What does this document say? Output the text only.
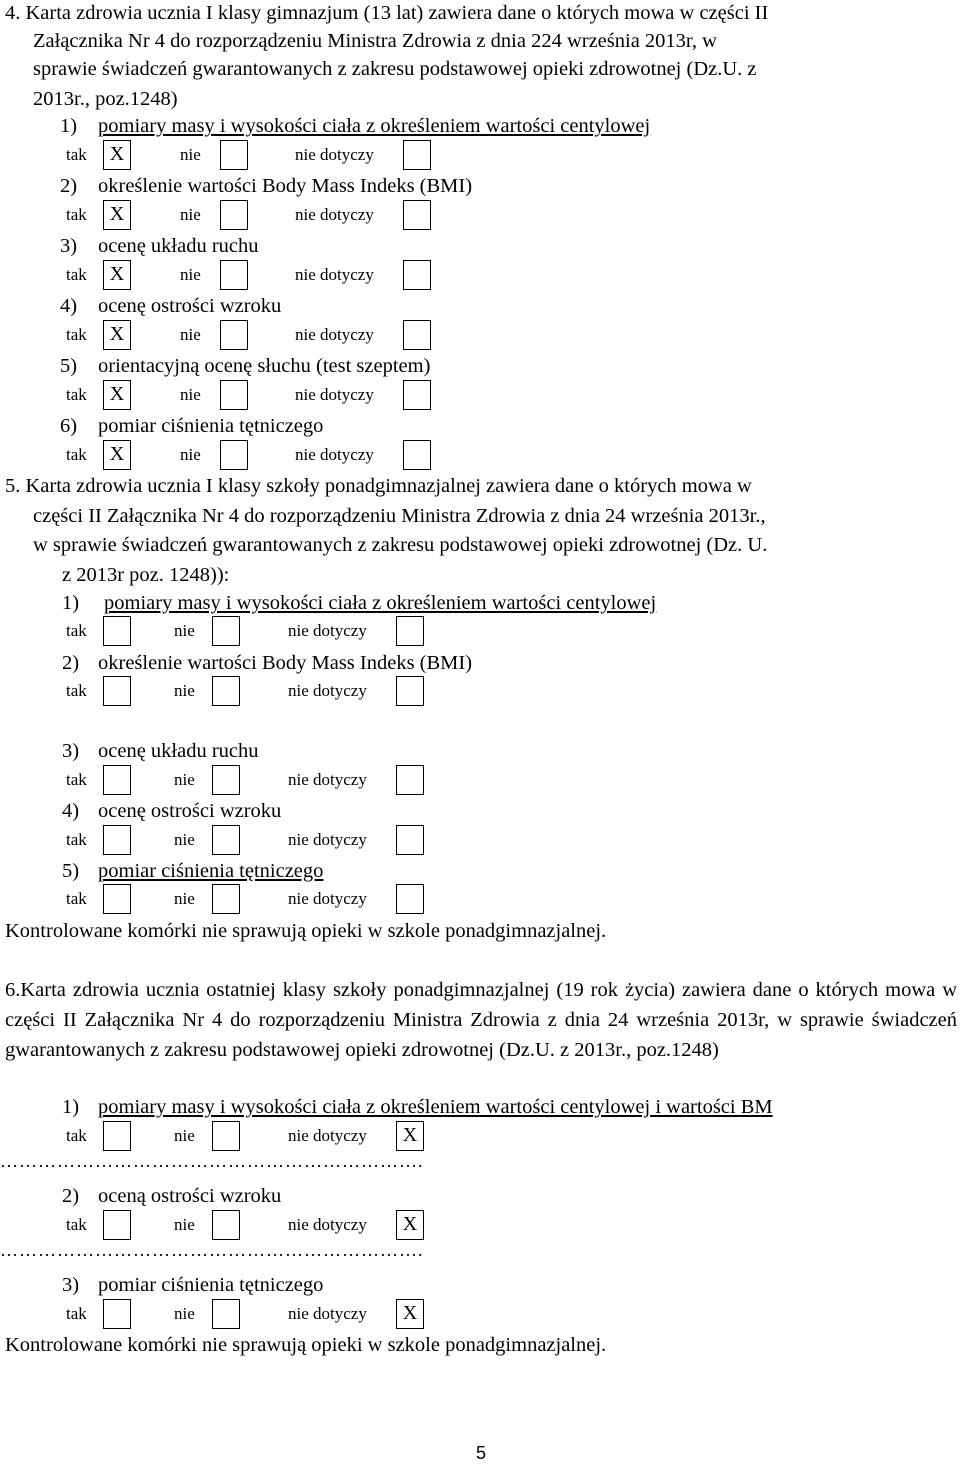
4. Karta zdrowia ucznia I klasy gimnazjum (13 lat) zawiera dane o których mowa w części II
Załącznika Nr 4 do rozporządzeniu Ministra Zdrowia z dnia 224 września 2013r, w
sprawie świadczeń gwarantowanych z zakresu podstawowej opieki zdrowotnej (Dz.U. z
2013r., poz.1248)
1) pomiary masy i wysokości ciała z określeniem wartości centylowej
tak	X	nie	nie dotyczy
2) określenie wartości Body Mass Indeks (BMI)
tak	X	nie	nie dotyczy
3) ocenę układu ruchu
tak	X	nie	nie dotyczy
4) ocenę ostrości wzroku
tak	X	nie	nie dotyczy
5) orientacyjną ocenę słuchu (test szeptem)
tak	X	nie	nie dotyczy
6) pomiar ciśnienia tętniczego
tak	X	nie	nie dotyczy
5. Karta zdrowia ucznia I klasy szkoły ponadgimnazjalnej zawiera dane o których mowa w
części II Załącznika Nr 4 do rozporządzeniu Ministra Zdrowia z dnia 24 września 2013r.,
w sprawie świadczeń gwarantowanych z zakresu podstawowej opieki zdrowotnej (Dz. U.
z 2013r poz. 1248)):
1) pomiary masy i wysokości ciała z określeniem wartości centylowej
tak	nie	nie dotyczy
2) określenie wartości Body Mass Indeks (BMI)
tak	nie	nie dotyczy
3) ocenę układu ruchu
tak	nie	nie dotyczy
4) ocenę ostrości wzroku
tak	nie	nie dotyczy
5) pomiar ciśnienia tętniczego
tak	nie	nie dotyczy
Kontrolowane komórki nie sprawują opieki w szkole ponadgimnazjalnej.
6.Karta zdrowia ucznia ostatniej klasy szkoły ponadgimnazjalnej (19 rok życia) zawiera dane o których mowa w części II Załącznika Nr 4 do rozporządzeniu Ministra Zdrowia z dnia 24 września 2013r, w sprawie świadczeń gwarantowanych z zakresu podstawowej opieki zdrowotnej (Dz.U. z 2013r., poz.1248)
1) pomiary masy i wysokości ciała z określeniem wartości centylowej i wartości BM
tak	nie	nie dotyczy	X
………………………………………………………….
2) oceną ostrości wzroku
tak	nie	nie dotyczy	X
………………………………………………………….
3) pomiar ciśnienia tętniczego
tak	nie	nie dotyczy	X
Kontrolowane komórki nie sprawują opieki w szkole ponadgimnazjalnej.
5
